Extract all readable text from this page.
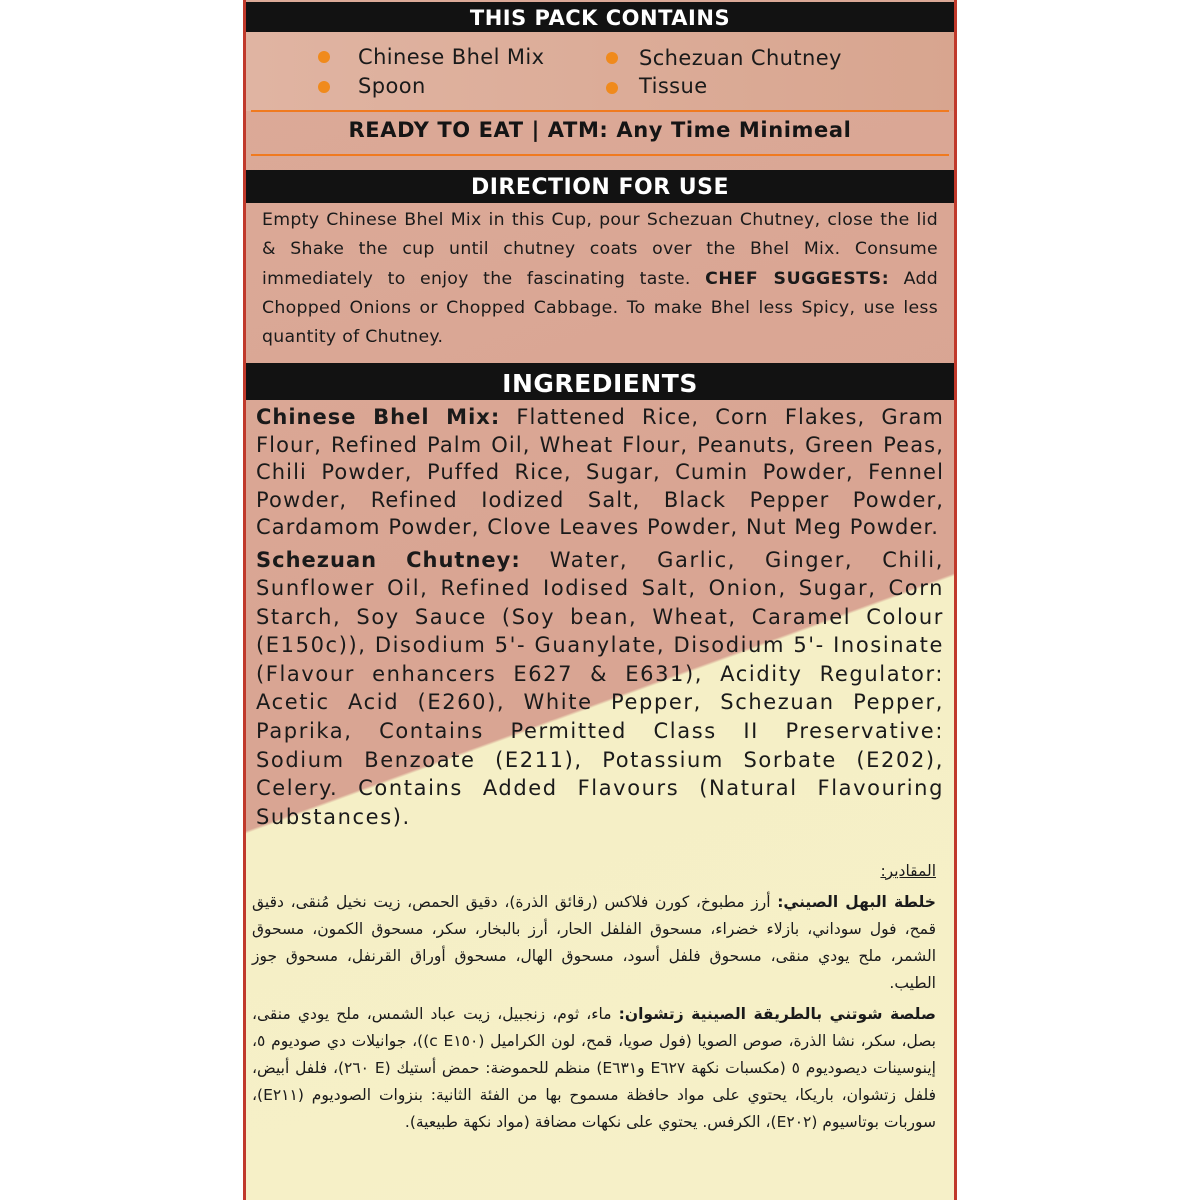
THIS PACK CONTAINS
Chinese Bhel Mix	Schezuan Chutney
Spoon	Tissue
READY TO EAT | ATM: Any Time Minimeal
DIRECTION FOR USE
Empty Chinese Bhel Mix in this Cup, pour Schezuan Chutney, close the lid & Shake the cup until chutney coats over the Bhel Mix. Consume immediately to enjoy the fascinating taste. CHEF SUGGESTS: Add Chopped Onions or Chopped Cabbage. To make Bhel less Spicy, use less quantity of Chutney.
INGREDIENTS

Chinese Bhel Mix: Flattened Rice, Corn Flakes, Gram Flour, Refined Palm Oil, Wheat Flour, Peanuts, Green Peas, Chili Powder, Puffed Rice, Sugar, Cumin Powder, Fennel Powder, Refined Iodized Salt, Black Pepper Powder, Cardamom Powder, Clove Leaves Powder, Nut Meg Powder.

Schezuan Chutney: Water, Garlic, Ginger, Chili, Sunflower Oil, Refined Iodised Salt, Onion, Sugar, Corn Starch, Soy Sauce (Soy bean, Wheat, Caramel Colour (E150c)), Disodium 5'- Guanylate, Disodium 5'- Inosinate (Flavour enhancers E627 & E631), Acidity Regulator: Acetic Acid (E260), White Pepper, Schezuan Pepper, Paprika, Contains Permitted Class II Preservative: Sodium Benzoate (E211), Potassium Sorbate (E202), Celery. Contains Added Flavours (Natural Flavouring Substances).

المقادير:

خلطة البهل الصيني: أرز مطبوخ، كورن فلاكس (رقائق الذرة)، دقيق الحمص، زيت نخيل مُنقى، دقيق قمح، فول سوداني، بازلاء خضراء، مسحوق الفلفل الحار، أرز بالبخار، سكر، مسحوق الكمون، مسحوق الشمر، ملح يودي منقى، مسحوق فلفل أسود، مسحوق الهال، مسحوق أوراق القرنفل، مسحوق جوز الطيب.

صلصة شوتني بالطريقة الصينية زتشوان: ماء، ثوم، زنجبيل، زيت عباد الشمس، ملح يودي منقى، بصل، سكر، نشا الذرة، صوص الصويا (فول صويا، قمح، لون الكراميل (E١٥٠ c))، جوانيلات دي صوديوم ٥، إينوسينات ديصوديوم ٥ (مكسبات نكهة E٦٢٧ وE٦٣١) منظم للحموضة: حمض أستيك (E ٢٦٠)، فلفل أبيض، فلفل زتشوان، باريكا، يحتوي على مواد حافظة مسموح بها من الفئة الثانية: بنزوات الصوديوم (E٢١١)، سوربات بوتاسيوم (E٢٠٢)، الكرفس. يحتوي على نكهات مضافة (مواد نكهة طبيعية).
